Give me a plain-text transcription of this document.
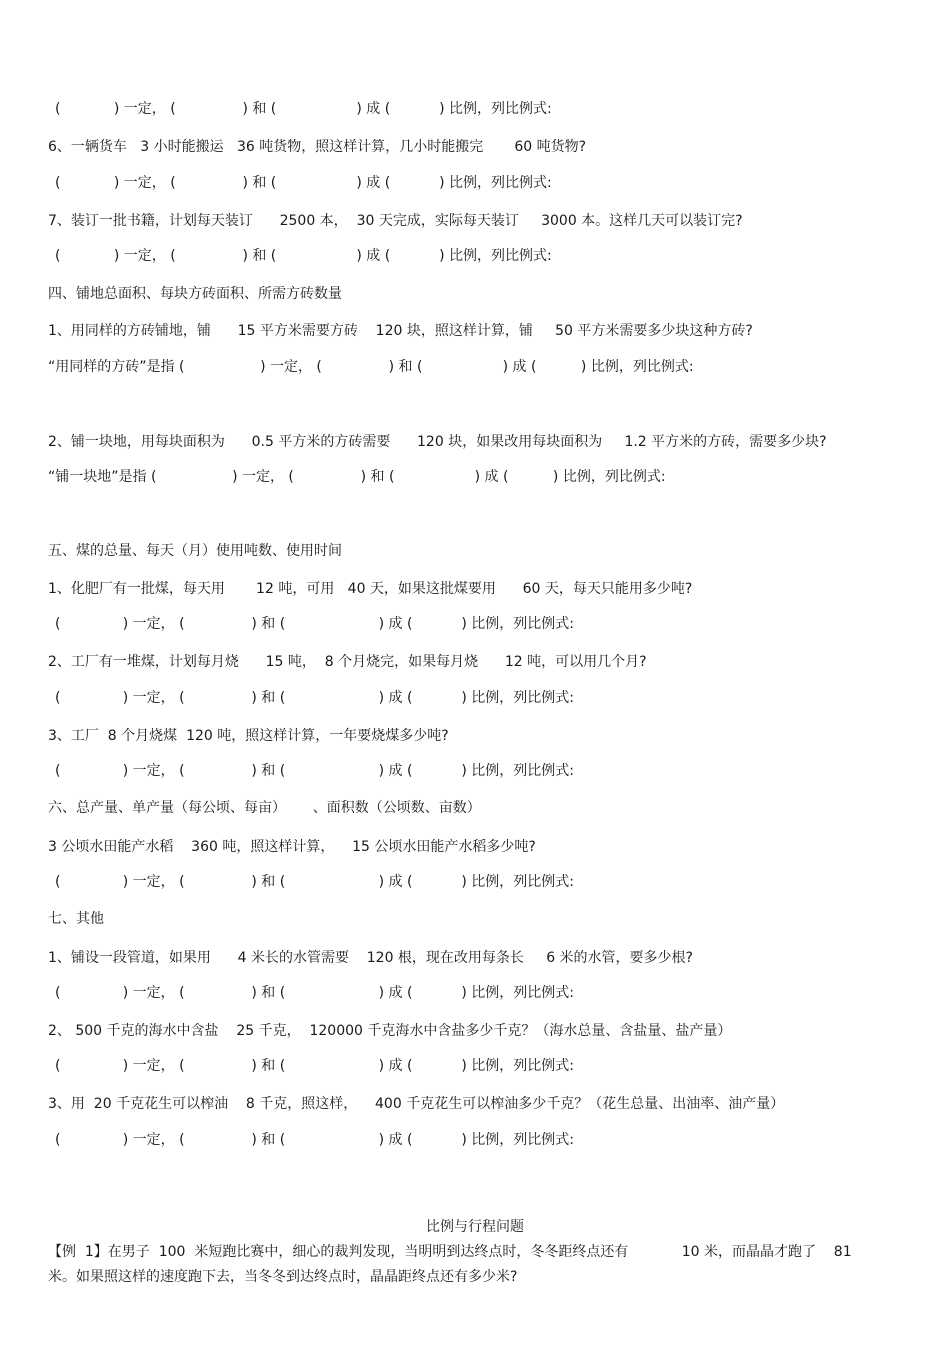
(            ) 一定， (               ) 和 (                  ) 成 (           ) 比例，列比例式:
6、一辆货车   3 小时能搬运   36 吨货物，照这样计算，几小时能搬完       60 吨货物?
(            ) 一定， (               ) 和 (                  ) 成 (           ) 比例，列比例式:
7、装订一批书籍，计划每天装订      2500 本，  30 天完成，实际每天装订     3000 本。这样几天可以装订完?
(            ) 一定， (               ) 和 (                  ) 成 (           ) 比例，列比例式:
四、铺地总面积、每块方砖面积、所需方砖数量
1、用同样的方砖铺地，铺      15 平方米需要方砖    120 块，照这样计算，铺     50 平方米需要多少块这种方砖?
“用同样的方砖”是指 (                 ) 一定， (               ) 和 (                  ) 成 (          ) 比例，列比例式:
2、铺一块地，用每块面积为      0.5 平方米的方砖需要      120 块，如果改用每块面积为     1.2 平方米的方砖，需要多少块?
“铺一块地”是指 (                 ) 一定， (               ) 和 (                  ) 成 (          ) 比例，列比例式:
五、煤的总量、每天（月）使用吨数、使用时间
1、化肥厂有一批煤，每天用       12 吨，可用   40 天，如果这批煤要用      60 天，每天只能用多少吨?
(              ) 一定， (               ) 和 (                     ) 成 (           ) 比例，列比例式:
2、工厂有一堆煤，计划每月烧      15 吨，  8 个月烧完，如果每月烧      12 吨，可以用几个月?
(              ) 一定， (               ) 和 (                     ) 成 (           ) 比例，列比例式:
3、工厂  8 个月烧煤  120 吨，照这样计算，一年要烧煤多少吨?
(              ) 一定， (               ) 和 (                     ) 成 (           ) 比例，列比例式:
六、总产量、单产量（每公顷、每亩）      、面积数（公顷数、亩数）
3 公顷水田能产水稻    360 吨，照这样计算，    15 公顷水田能产水稻多少吨?
(              ) 一定， (               ) 和 (                     ) 成 (           ) 比例，列比例式:
七、其他
1、铺设一段管道，如果用      4 米长的水管需要    120 根，现在改用每条长     6 米的水管，要多少根?
(              ) 一定， (               ) 和 (                     ) 成 (           ) 比例，列比例式:
2、 500 千克的海水中含盐    25 千克，  120000 千克海水中含盐多少千克？（海水总量、含盐量、盐产量）
(              ) 一定， (               ) 和 (                     ) 成 (           ) 比例，列比例式:
3、用  20 千克花生可以榨油    8 千克，照这样，    400 千克花生可以榨油多少千克？（花生总量、出油率、油产量）
(              ) 一定， (               ) 和 (                     ) 成 (           ) 比例，列比例式:
比例与行程问题
【例  1】在男子  100  米短跑比赛中，细心的裁判发现，当明明到达终点时，冬冬距终点还有            10 米，而晶晶才跑了    81
米。如果照这样的速度跑下去，当冬冬到达终点时，晶晶距终点还有多少米?
